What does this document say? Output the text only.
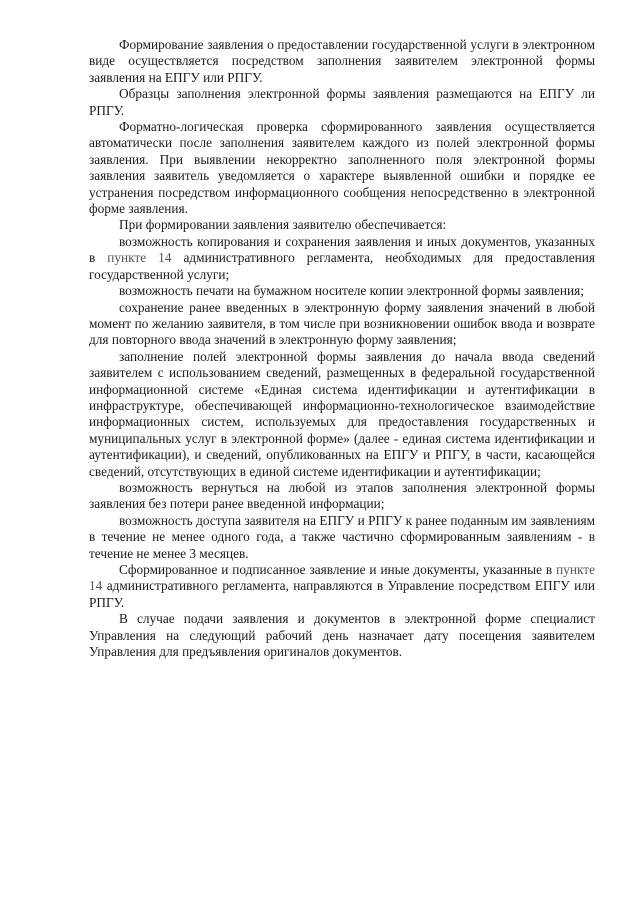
Формирование заявления о предоставлении государственной услуги в электронном виде осуществляется посредством заполнения заявителем электронной формы заявления на ЕПГУ или РПГУ.

Образцы заполнения электронной формы заявления размещаются на ЕПГУ ли РПГУ.

Форматно-логическая проверка сформированного заявления осуществляется автоматически после заполнения заявителем каждого из полей электронной формы заявления. При выявлении некорректно заполненного поля электронной формы заявления заявитель уведомляется о характере выявленной ошибки и порядке ее устранения посредством информационного сообщения непосредственно в электронной форме заявления.

При формировании заявления заявителю обеспечивается:

возможность копирования и сохранения заявления и иных документов, указанных в пункте 14 административного регламента, необходимых для предоставления государственной услуги;

возможность печати на бумажном носителе копии электронной формы заявления;

сохранение ранее введенных в электронную форму заявления значений в любой момент по желанию заявителя, в том числе при возникновении ошибок ввода и возврате для повторного ввода значений в электронную форму заявления;

заполнение полей электронной формы заявления до начала ввода сведений заявителем с использованием сведений, размещенных в федеральной государственной информационной системе «Единая система идентификации и аутентификации в инфраструктуре, обеспечивающей информационно-технологическое взаимодействие информационных систем, используемых для предоставления государственных и муниципальных услуг в электронной форме» (далее - единая система идентификации и аутентификации), и сведений, опубликованных на ЕПГУ и РПГУ, в части, касающейся сведений, отсутствующих в единой системе идентификации и аутентификации;

возможность вернуться на любой из этапов заполнения электронной формы заявления без потери ранее введенной информации;

возможность доступа заявителя на ЕПГУ и РПГУ к ранее поданным им заявлениям в течение не менее одного года, а также частично сформированным заявлениям - в течение не менее 3 месяцев.

Сформированное и подписанное заявление и иные документы, указанные в пункте 14 административного регламента, направляются в Управление посредством ЕПГУ или РПГУ.

В случае подачи заявления и документов в электронной форме специалист Управления на следующий рабочий день назначает дату посещения заявителем Управления для предъявления оригиналов документов.
